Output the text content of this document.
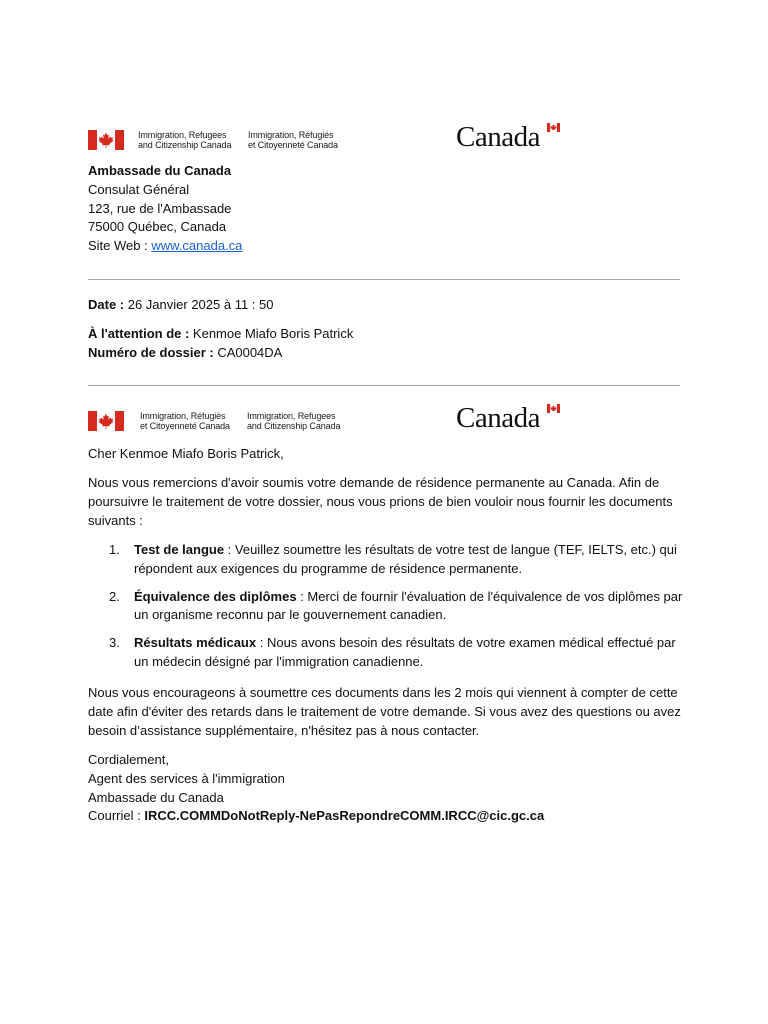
Immigration, Refugees
and Citizenship Canada
Immigration, Réfugiés
et Citoyenneté Canada	Canada

Ambassade du Canada

Consulat Général

123, rue de l'Ambassade

75000 Québec, Canada

Site Web : www.canada.ca

Date : 26 Janvier 2025 à 11 : 50

À l'attention de : Kenmoe Miafo Boris Patrick

Numéro de dossier : CA0004DA

Immigration, Réfugiés
et Citoyenneté Canada
Immigration, Refugees
and Citizenship Canada	Canada

Cher Kenmoe Miafo Boris Patrick,

Nous vous remercions d'avoir soumis votre demande de résidence permanente au Canada. Afin de poursuivre le traitement de votre dossier, nous vous prions de bien vouloir nous fournir les documents suivants :

1. Test de langue : Veuillez soumettre les résultats de votre test de langue (TEF, IELTS, etc.) qui répondent aux exigences du programme de résidence permanente.
2. Équivalence des diplômes : Merci de fournir l'évaluation de l'équivalence de vos diplômes par un organisme reconnu par le gouvernement canadien.
3. Résultats médicaux : Nous avons besoin des résultats de votre examen médical effectué par un médecin désigné par l'immigration canadienne.

Nous vous encourageons à soumettre ces documents dans les 2 mois qui viennent à compter de cette date afin d'éviter des retards dans le traitement de votre demande. Si vous avez des questions ou avez besoin d’assistance supplémentaire, n'hésitez pas à nous contacter.

Cordialement,

Agent des services à l'immigration

Ambassade du Canada

Courriel : IRCC.COMMDoNotReply-NePasRepondreCOMM.IRCC@cic.gc.ca
